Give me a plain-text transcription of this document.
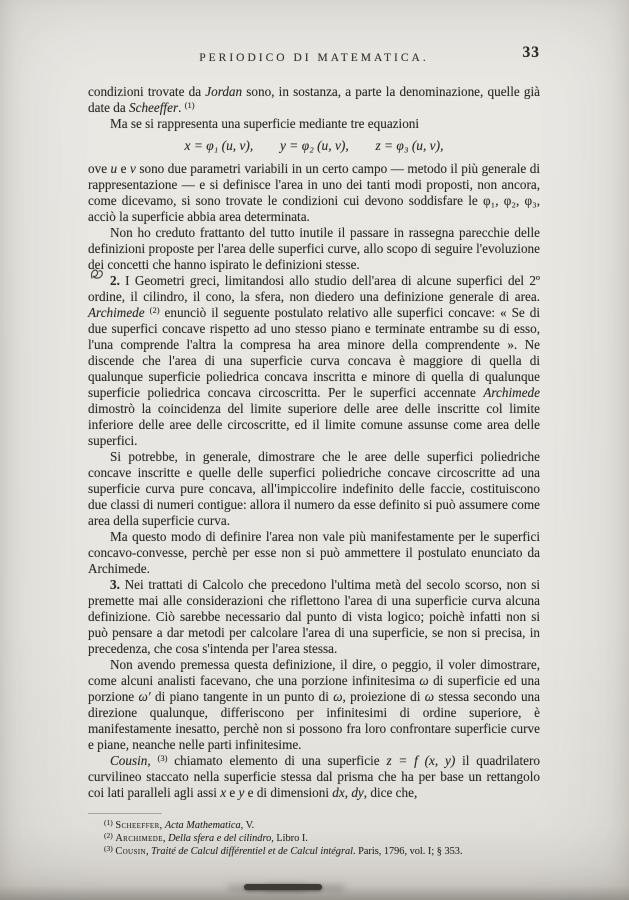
PERIODICO DI MATEMATICA.	33

condizioni trovate da Jordan sono, in sostanza, a parte la denominazione, quelle già date da Scheeffer. $^{(1)}$

Ma se si rappresenta una superficie mediante tre equazioni

x = φ₁ (u, v),  y = φ₂ (u, v),  z = φ₃ (u, v),

ove u e v sono due parametri variabili in un certo campo — metodo il più generale di rappresentazione — e si definisce l'area in uno dei tanti modi proposti, non ancora, come dicevamo, si sono trovate le condizioni cui devono soddisfare le φ₁, φ₂, φ₃, acciò la superficie abbia area determinata.

Non ho creduto frattanto del tutto inutile il passare in rassegna parecchie delle definizioni proposte per l'area delle superfici curve, allo scopo di seguire l'evoluzione dei concetti che hanno ispirato le definizioni stesse.

2. I Geometri greci, limitandosi allo studio dell'area di alcune superfici del 2º ordine, il cilindro, il cono, la sfera, non diedero una definizione generale di area. Archimede $^{(2)}$ enunciò il seguente postulato relativo alle superfici concave: « Se di due superfici concave rispetto ad uno stesso piano e terminate entrambe su di esso, l'una comprende l'altra la compresa ha area minore della comprendente ». Ne discende che l'area di una superficie curva concava è maggiore di quella di qualunque superficie poliedrica concava inscritta e minore di quella di qualunque superficie poliedrica concava circoscritta. Per le superfici accennate Archimede dimostrò la coincidenza del limite superiore delle aree delle inscritte col limite inferiore delle aree delle circoscritte, ed il limite comune assunse come area delle superfici.

Si potrebbe, in generale, dimostrare che le aree delle superfici poliedriche concave inscritte e quelle delle superfici poliedriche concave circoscritte ad una superficie curva pure concava, all'impiccolire indefinito delle faccie, costituiscono due classi di numeri contigue: allora il numero da esse definito si può assumere come area della superficie curva.

Ma questo modo di definire l'area non vale più manifestamente per le superfici concavo-convesse, perchè per esse non si può ammettere il postulato enunciato da Archimede.

3. Nei trattati di Calcolo che precedono l'ultima metà del secolo scorso, non si premette mai alle considerazioni che riflettono l'area di una superficie curva alcuna definizione. Ciò sarebbe necessario dal punto di vista logico; poichè infatti non si può pensare a dar metodi per calcolare l'area di una superficie, se non si precisa, in precedenza, che cosa s'intenda per l'area stessa.

Non avendo premessa questa definizione, il dire, o peggio, il voler dimostrare, come alcuni analisti facevano, che una porzione infinitesima ω di superficie ed una porzione ω′ di piano tangente in un punto di ω, proiezione di ω stessa secondo una direzione qualunque, differiscono per infinitesimi di ordine superiore, è manifestamente inesatto, perchè non si possono fra loro confrontare superficie curve e piane, neanche nelle parti infinitesime.

Cousin, $^{(3)}$ chiamato elemento di una superficie z = f (x, y) il quadrilatero curvilineo staccato nella superficie stessa dal prisma che ha per base un rettangolo coi lati paralleli agli assi x e y e di dimensioni dx, dy, dice che,

$^{(1)}$ Scheeffer, Acta Mathematica, V.

$^{(2)}$ Archimede, Della sfera e del cilindro, Libro I.

$^{(3)}$ Cousin, Traité de Calcul différentiel et de Calcul intégral. Paris, 1796, vol. I; § 353.
